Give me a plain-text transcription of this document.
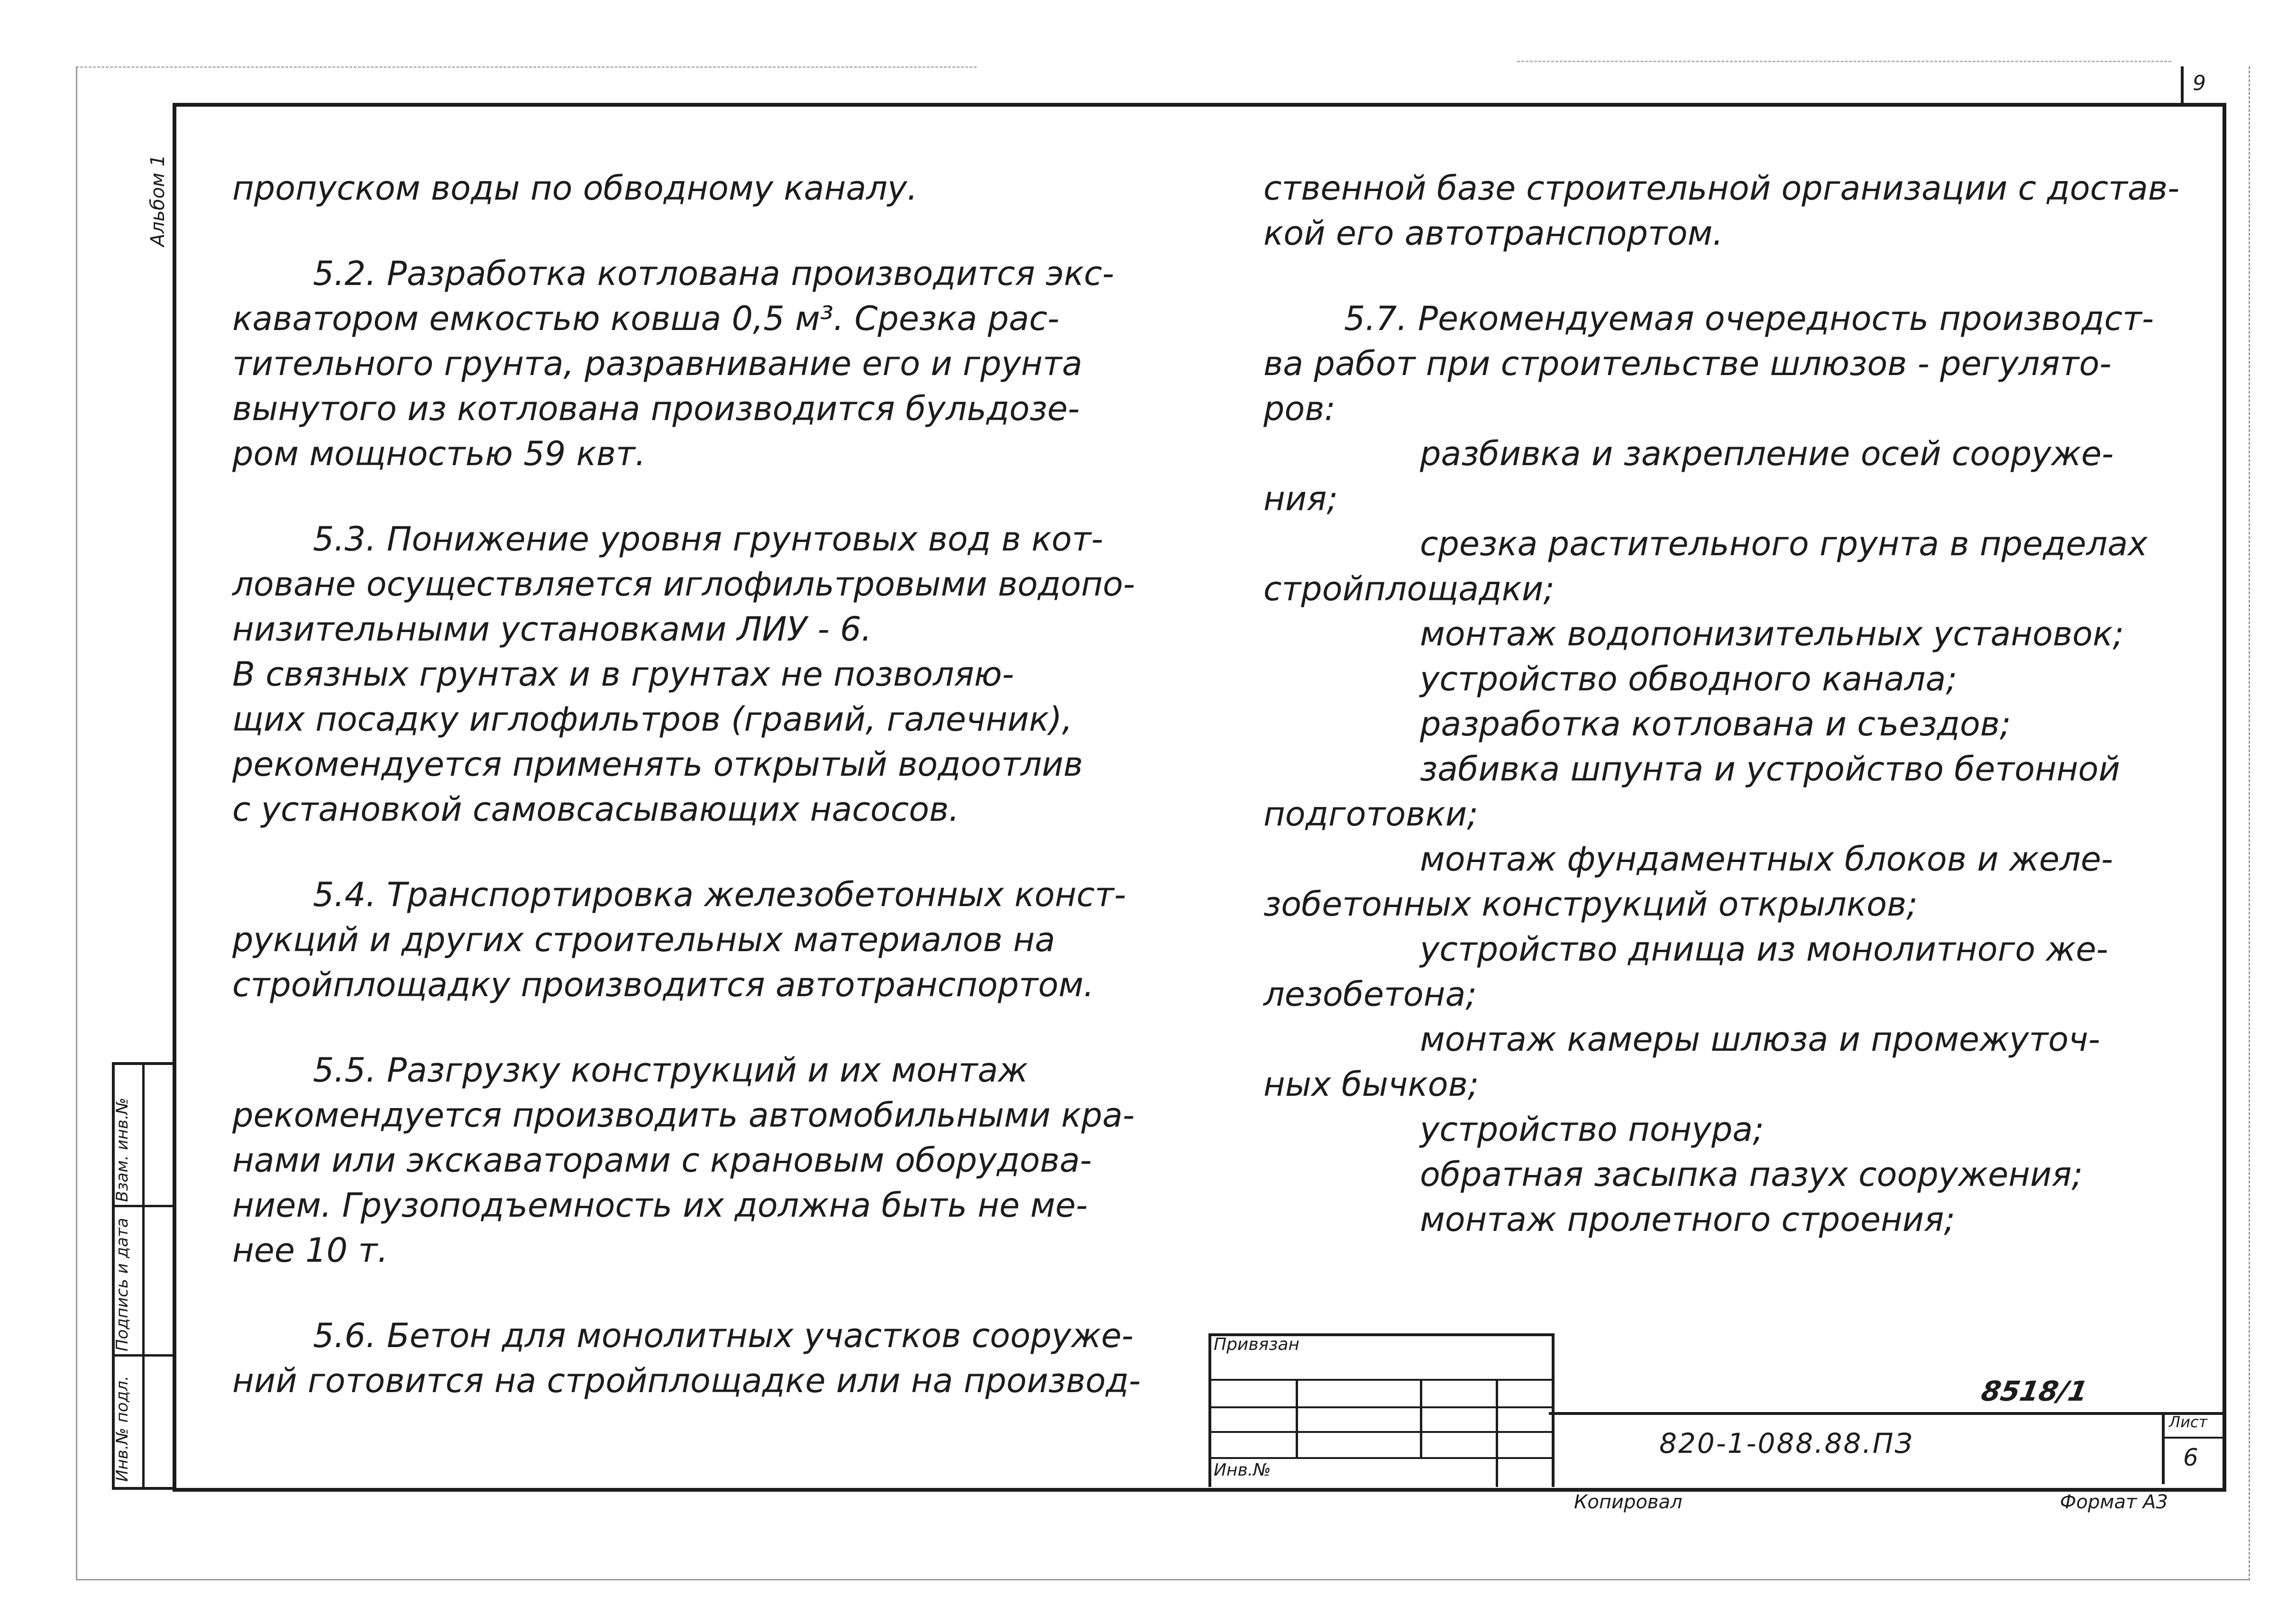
9
Альбом 1
Инв.№ подл.
Подпись и дата
Взам. инв.№

пропуском воды по обводному каналу.

5.2. Разработка котлована производится экс-

каватором емкостью ковша 0,5 м³. Срезка рас-

тительного грунта, разравнивание его и грунта

вынутого из котлована производится бульдозе-

ром мощностью 59 квт.

5.3. Понижение уровня грунтовых вод в кот-

ловане осуществляется иглофильтровыми водопо-

низительными установками ЛИУ - 6.

В связных грунтах и в грунтах не позволяю-

щих посадку иглофильтров (гравий, галечник),

рекомендуется применять открытый водоотлив

с установкой самовсасывающих насосов.

5.4. Транспортировка железобетонных конст-

рукций и других строительных материалов на

стройплощадку производится автотранспортом.

5.5. Разгрузку конструкций и их монтаж

рекомендуется производить автомобильными кра-

нами или экскаваторами с крановым оборудова-

нием. Грузоподъемность их должна быть не ме-

нее 10 т.

5.6. Бетон для монолитных участков сооруже-

ний готовится на стройплощадке или на производ-

ственной базе строительной организации с достав-

кой его автотранспортом.

5.7. Рекомендуемая очередность производст-

ва работ при строительстве шлюзов - регулято-

ров:

разбивка и закрепление осей сооруже-

ния;

срезка растительного грунта в пределах

стройплощадки;

монтаж водопонизительных установок;

устройство обводного канала;

разработка котлована и съездов;

забивка шпунта и устройство бетонной

подготовки;

монтаж фундаментных блоков и желе-

зобетонных конструкций открылков;

устройство днища из монолитного же-

лезобетона;

монтаж камеры шлюза и промежуточ-

ных бычков;

устройство понура;

обратная засыпка пазух сооружения;

монтаж пролетного строения;

Привязан
Инв.№
820-1-088.88.ПЗ
8518/1
Лист
6
Копировал	Формат А3
